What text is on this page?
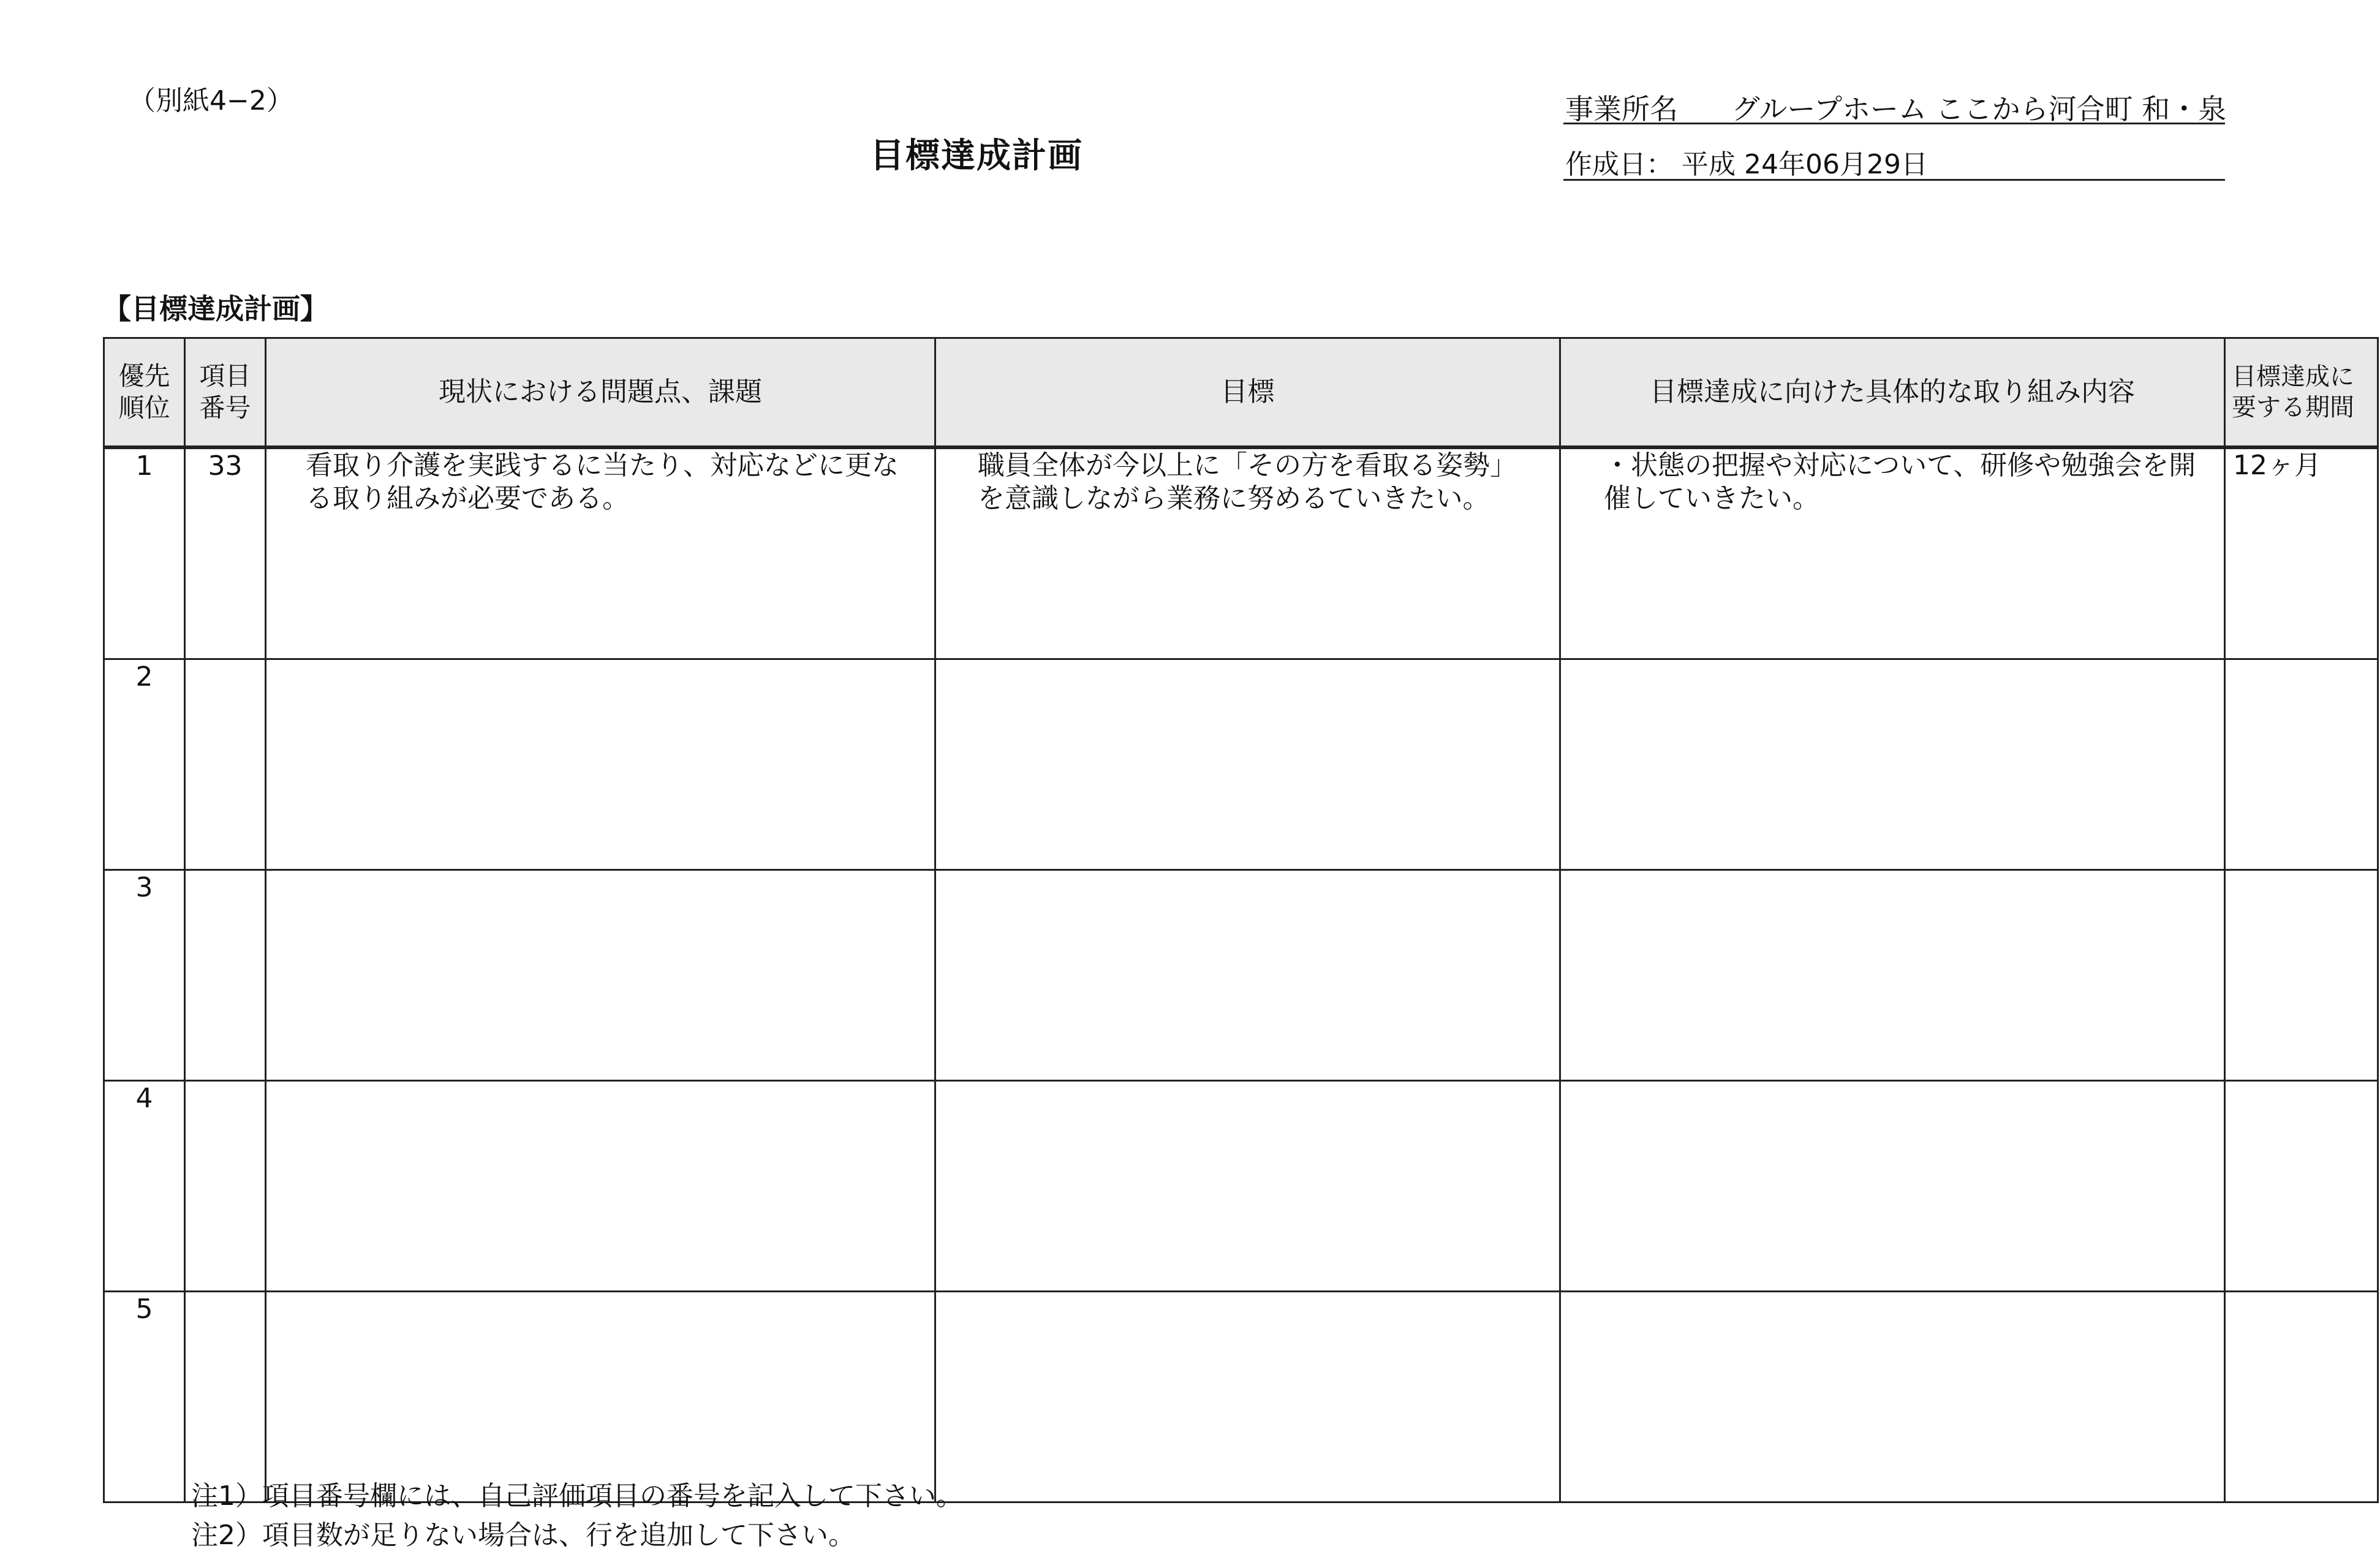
（別紙4−2）
目標達成計画
事業所名 グループホーム ここから河合町 和・泉
作成日： 平成 24年06月29日
【目標達成計画】
優先 順位	項目 番号	現状における問題点、課題	目標	目標達成に向けた具体的な取り組み内容	目標達成に 要する期間
1	33	看取り介護を実践するに当たり、対応などに更なる取り組みが必要である。	職員全体が今以上に「その方を看取る姿勢」を意識しながら業務に努めるていきたい。	・状態の把握や対応について、研修や勉強会を開催していきたい。	12ヶ月
2					
3					
4					
5					
注1）項目番号欄には、自己評価項目の番号を記入して下さい。
注2）項目数が足りない場合は、行を追加して下さい。
